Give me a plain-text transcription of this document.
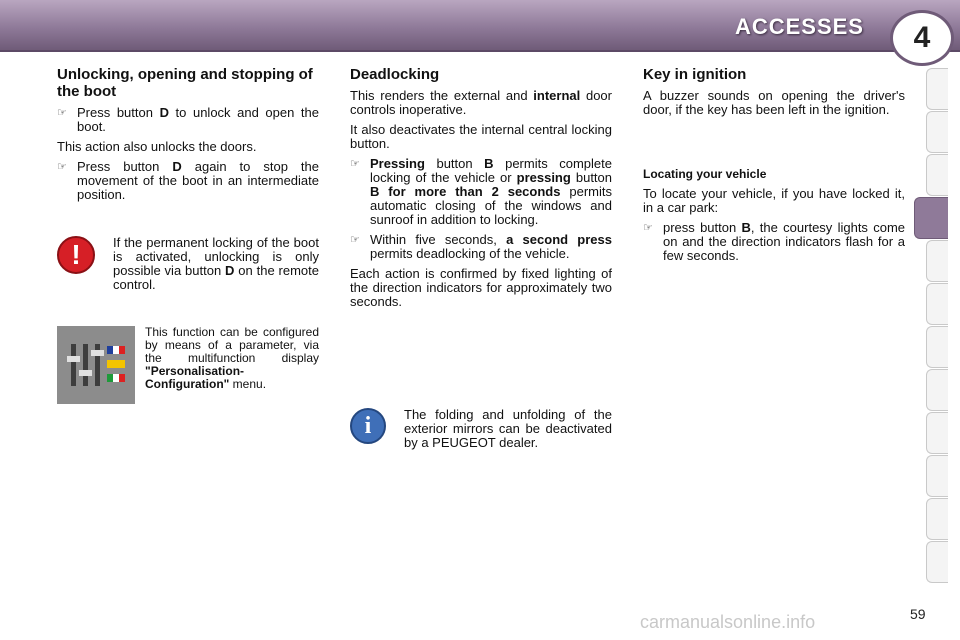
ACCESSES	4
Unlocking, opening and stopping of the boot
☞ Press button D to unlock and open the boot.

This action also unlocks the doors.

☞ Press button D again to stop the movement of the boot in an intermediate position.
!	If the permanent locking of the boot is activated, unlocking is only possible via button D on the remote control.
This function can be configured by means of a parameter, via the multifunction display "Personalisation-Configuration" menu.
Deadlocking

This renders the external and internal door controls inoperative.

It also deactivates the internal central locking button.

☞ Pressing button B permits complete locking of the vehicle or pressing button B for more than 2 seconds permits automatic closing of the windows and sunroof in addition to locking.
☞ Within five seconds, a second press permits deadlocking of the vehicle.

Each action is confirmed by fixed lighting of the direction indicators for approximately two seconds.

i	The folding and unfolding of the exterior mirrors can be deactivated by a PEUGEOT dealer.
Key in ignition

A buzzer sounds on opening the driver's door, if the key has been left in the ignition.

Locating your vehicle

To locate your vehicle, if you have locked it, in a car park:

☞ press button B, the courtesy lights come on and the direction indicators flash for a few seconds.
carmanualsonline.info	59
